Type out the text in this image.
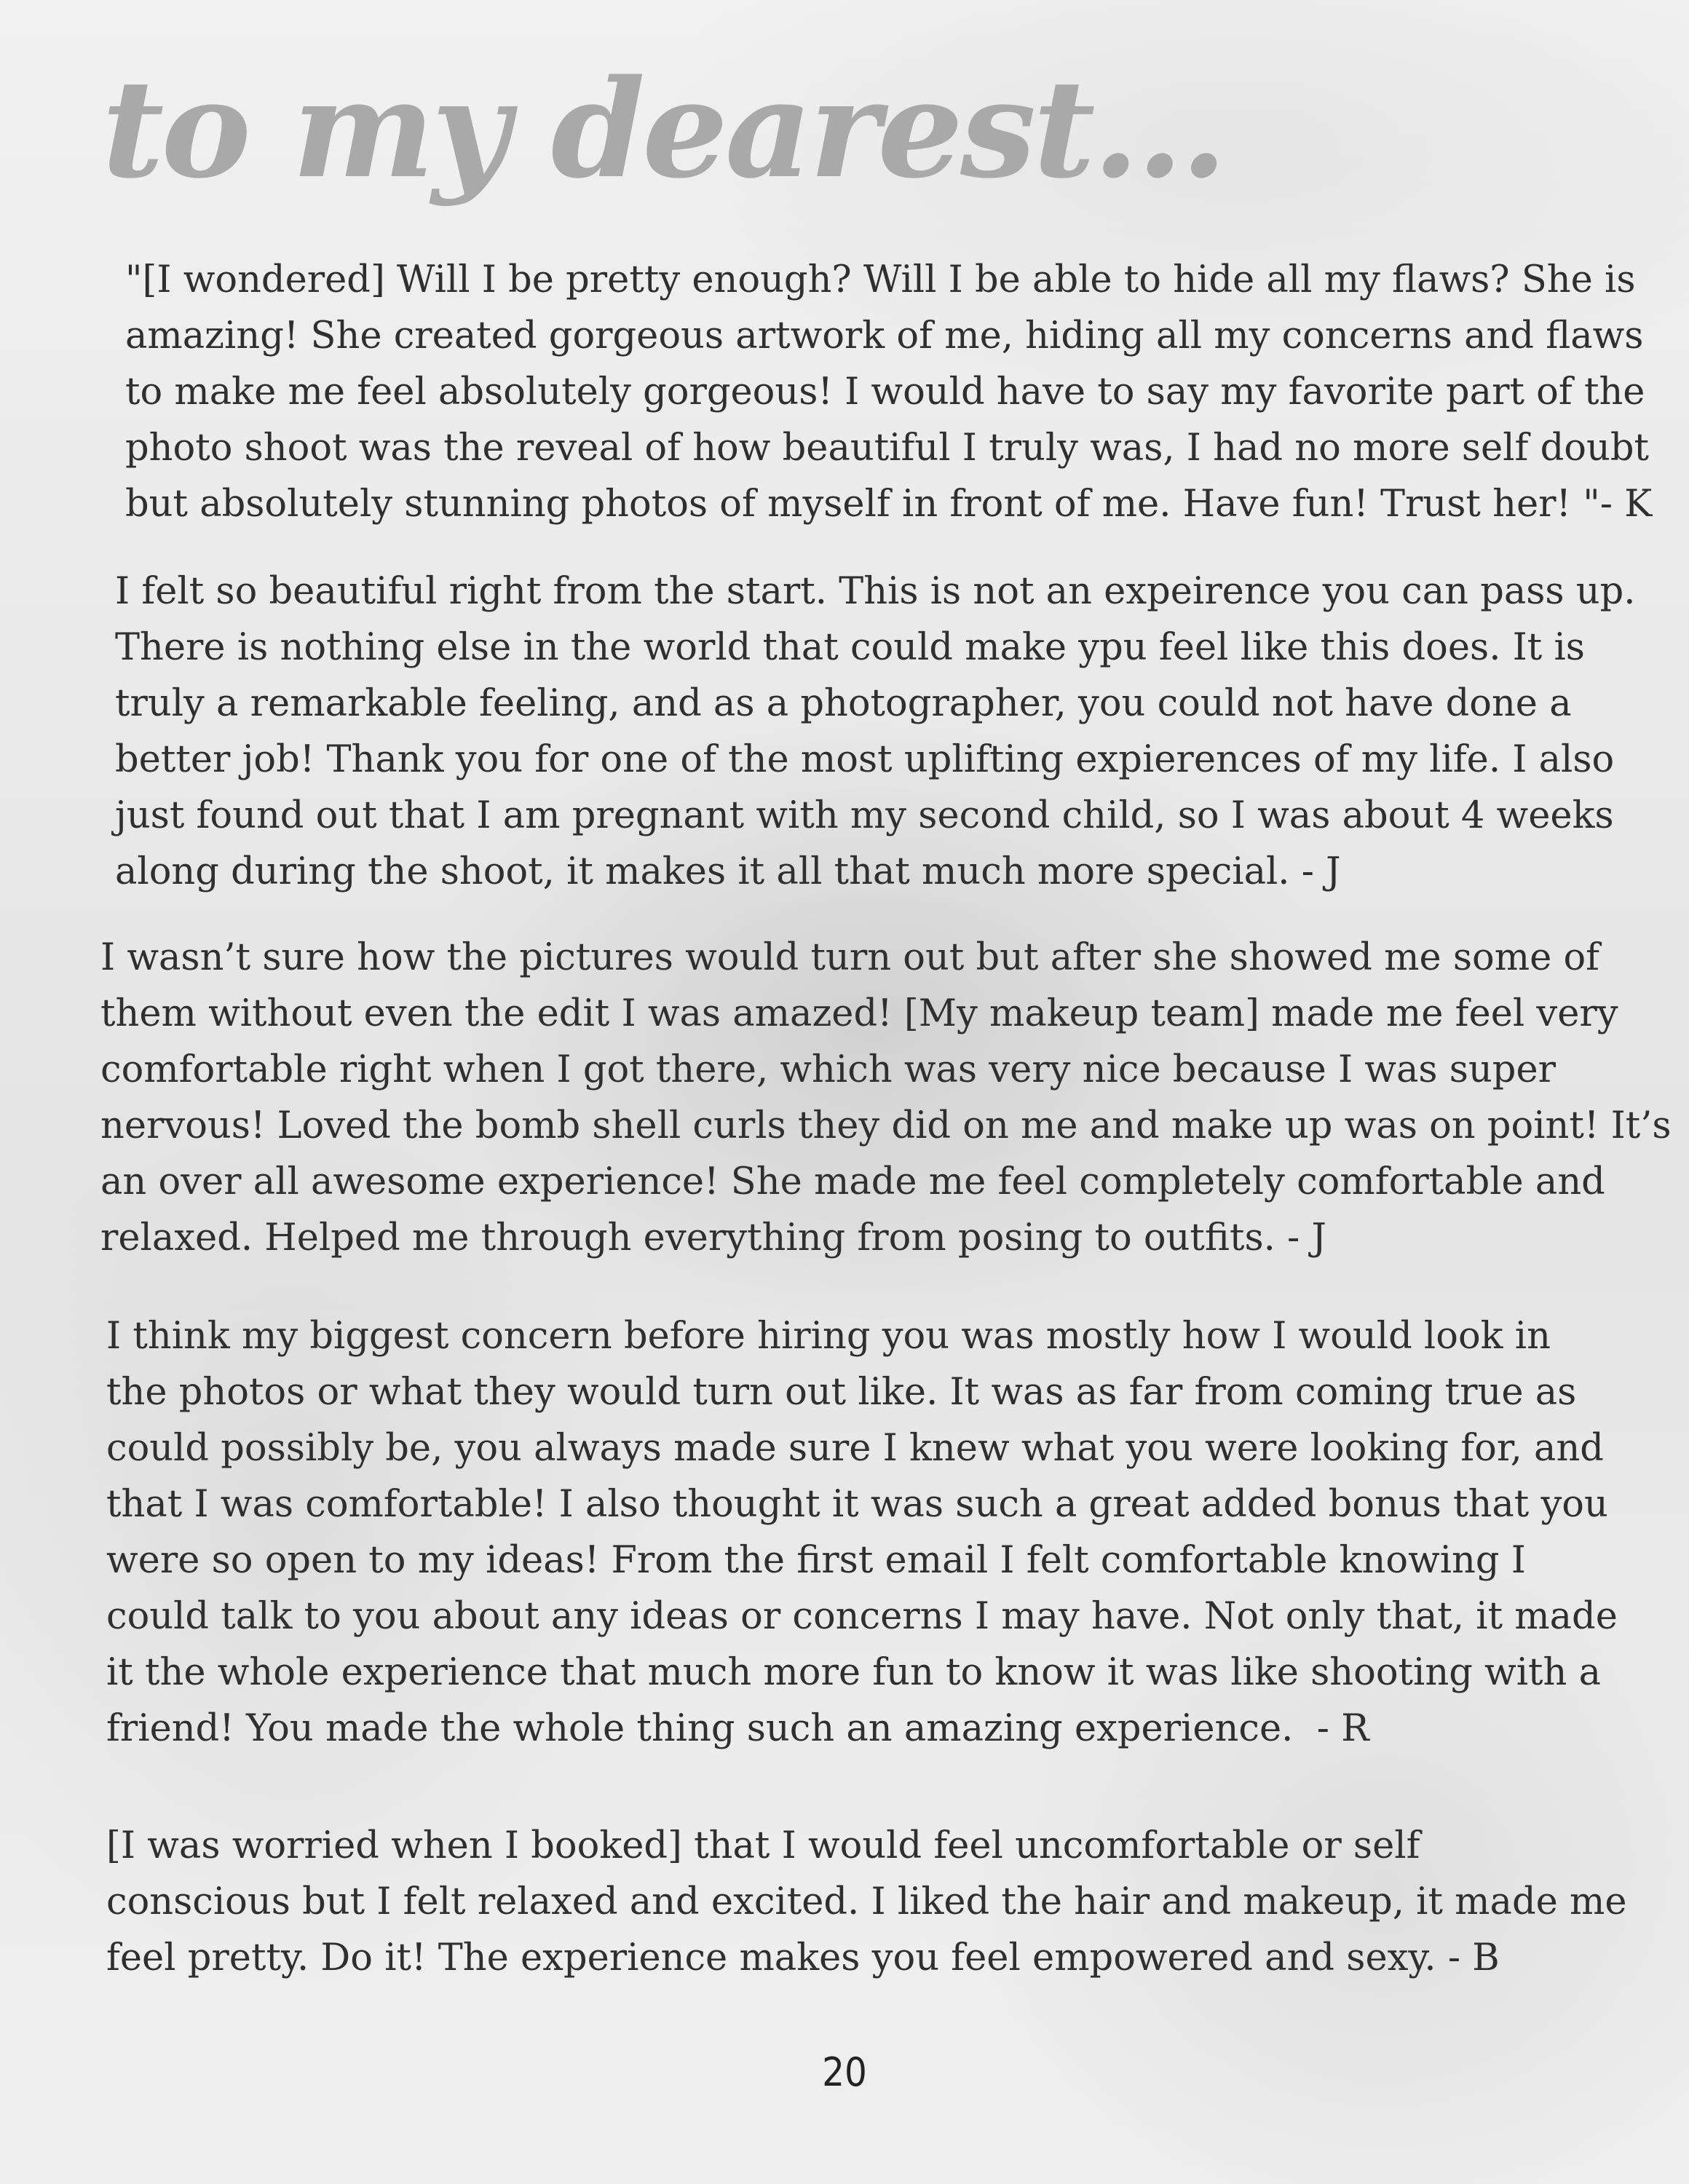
to my dearest...
"[I wondered] Will I be pretty enough? Will I be able to hide all my flaws? She is
amazing! She created gorgeous artwork of me, hiding all my concerns and flaws
to make me feel absolutely gorgeous! I would have to say my favorite part of the
photo shoot was the reveal of how beautiful I truly was, I had no more self doubt
but absolutely stunning photos of myself in front of me. Have fun! Trust her! "- K
I felt so beautiful right from the start. This is not an expeirence you can pass up.
There is nothing else in the world that could make ypu feel like this does. It is
truly a remarkable feeling, and as a photographer, you could not have done a
better job! Thank you for one of the most uplifting expierences of my life. I also
just found out that I am pregnant with my second child, so I was about 4 weeks
along during the shoot, it makes it all that much more special. - J
I wasn’t sure how the pictures would turn out but after she showed me some of
them without even the edit I was amazed! [My makeup team] made me feel very
comfortable right when I got there, which was very nice because I was super
nervous! Loved the bomb shell curls they did on me and make up was on point! It’s
an over all awesome experience! She made me feel completely comfortable and
relaxed. Helped me through everything from posing to outfits. - J
I think my biggest concern before hiring you was mostly how I would look in
the photos or what they would turn out like. It was as far from coming true as
could possibly be, you always made sure I knew what you were looking for, and
that I was comfortable! I also thought it was such a great added bonus that you
were so open to my ideas! From the first email I felt comfortable knowing I
could talk to you about any ideas or concerns I may have. Not only that, it made
it the whole experience that much more fun to know it was like shooting with a
friend! You made the whole thing such an amazing experience.  - R
[I was worried when I booked] that I would feel uncomfortable or self
conscious but I felt relaxed and excited. I liked the hair and makeup, it made me
feel pretty. Do it! The experience makes you feel empowered and sexy. - B
20
